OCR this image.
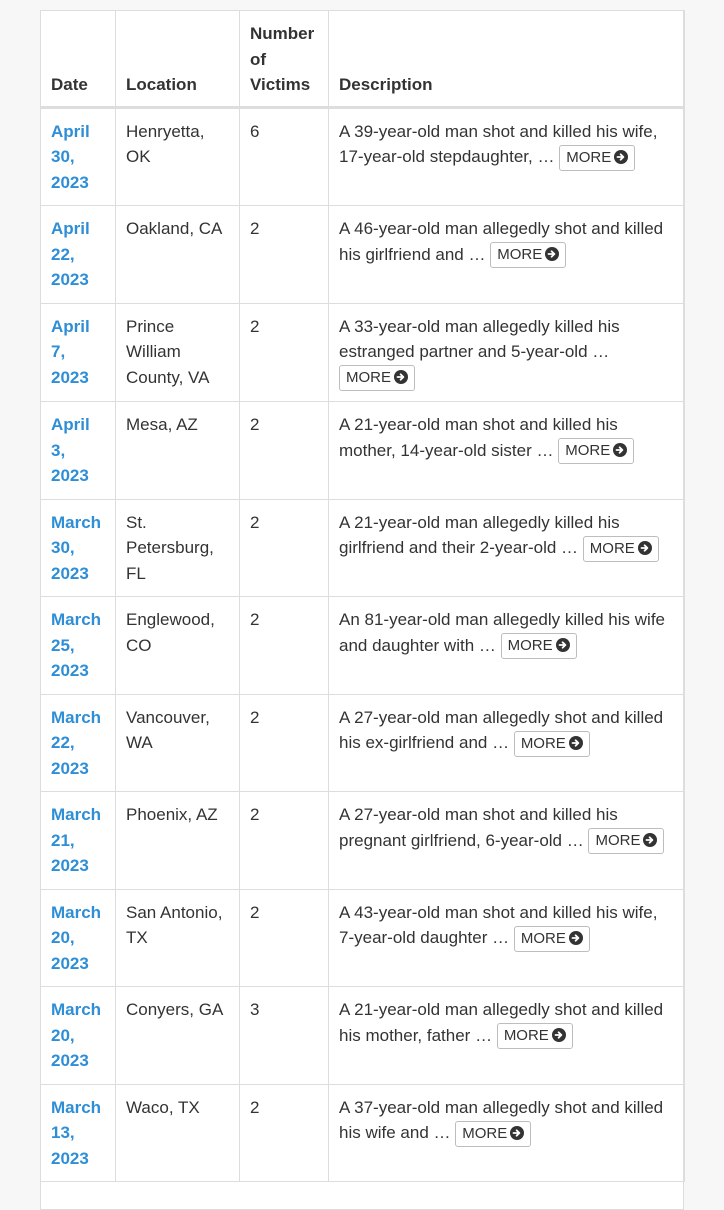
Date	Location	Number of Victims	Description
April 30, 2023	Henryetta, OK	6	A 39-year-old man shot and killed his wife, 17-year-old stepdaughter, … MORE

April 22, 2023	Oakland, CA	2	A 46-year-old man allegedly shot and killed his girlfriend and … MORE

April 7, 2023	Prince William County, VA	2	A 33-year-old man allegedly killed his estranged partner and 5-year-old … MORE

April 3, 2023	Mesa, AZ	2	A 21-year-old man shot and killed his mother, 14-year-old sister … MORE

March 30, 2023	St. Petersburg, FL	2	A 21-year-old man allegedly killed his girlfriend and their 2-year-old … MORE

March 25, 2023	Englewood, CO	2	An 81-year-old man allegedly killed his wife and daughter with … MORE

March 22, 2023	Vancouver, WA	2	A 27-year-old man allegedly shot and killed his ex-girlfriend and … MORE

March 21, 2023	Phoenix, AZ	2	A 27-year-old man shot and killed his pregnant girlfriend, 6-year-old … MORE

March 20, 2023	San Antonio, TX	2	A 43-year-old man shot and killed his wife, 7-year-old daughter … MORE

March 20, 2023	Conyers, GA	3	A 21-year-old man allegedly shot and killed his mother, father … MORE

March 13, 2023	Waco, TX	2	A 37-year-old man allegedly shot and killed his wife and … MORE
